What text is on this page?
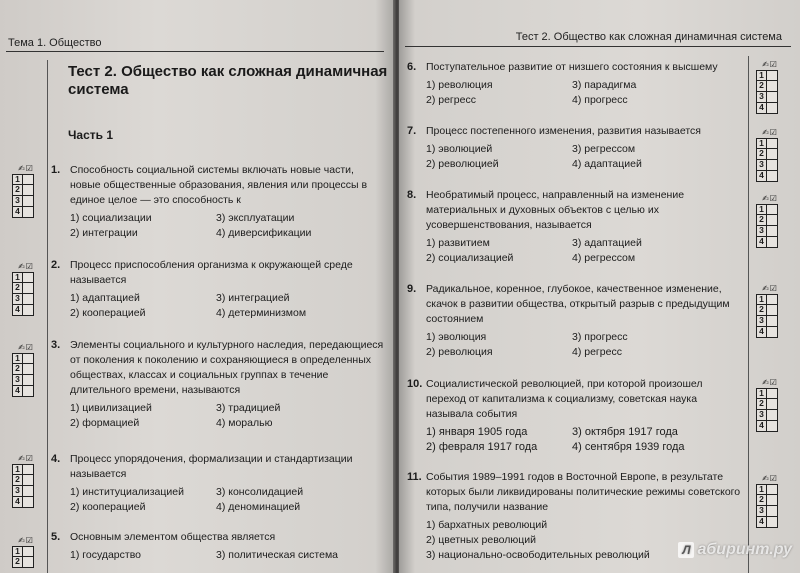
Тема 1. Общество
Тест 2. Общество как сложная динамичная система
Часть 1
✍☑
1
2
3
4
1. Способность социальной системы включать новые части, новые общественные образования, явления или процессы в единое целое — это способность к
1) социализации	3) эксплуатации
2) интеграции	4) диверсификации
✍☑
1
2
3
4
2. Процесс приспособления организма к окружающей среде называется
1) адаптацией	3) интеграцией
2) кооперацией	4) детерминизмом
✍☑
1
2
3
4
3. Элементы социального и культурного наследия, передающиеся от поколения к поколению и сохраняющиеся в определенных обществах, классах и социальных группах в течение длительного времени, называются
1) цивилизацией	3) традицией
2) формацией	4) моралью
✍☑
1
2
3
4
4. Процесс упорядочения, формализации и стандартизации называется
1) институциализацией	3) консолидацией
2) кооперацией	4) деноминацией
✍☑
1
2
5. Основным элементом общества является
1) государство	3) политическая система
Тест 2. Общество как сложная динамичная система
6. Поступательное развитие от низшего состояния к высшему
1) революция	3) парадигма
2) регресс	4) прогресс
✍☑
1
2
3
4
7. Процесс постепенного изменения, развития называется
1) эволюцией	3) регрессом
2) революцией	4) адаптацией
✍☑
1
2
3
4
8. Необратимый процесс, направленный на изменение материальных и духовных объектов с целью их усовершенствования, называется
1) развитием	3) адаптацией
2) социализацией	4) регрессом
✍☑
1
2
3
4
9. Радикальное, коренное, глубокое, качественное изменение, скачок в развитии общества, открытый разрыв с предыдущим состоянием
1) эволюция	3) прогресс
2) революция	4) регресс
✍☑
1
2
3
4
10. Социалистической революцией, при которой произошел переход от капитализма к социализму, советская наука называла события
1) января 1905 года	3) октября 1917 года
2) февраля 1917 года	4) сентября 1939 года
✍☑
1
2
3
4
11. События 1989–1991 годов в Восточной Европе, в результате которых были ликвидированы политические режимы советского типа, получили название
1) бархатных революций
2) цветных революций
3) национально-освободительных революций
✍☑
1
2
3
4
Л абиринт.ру
